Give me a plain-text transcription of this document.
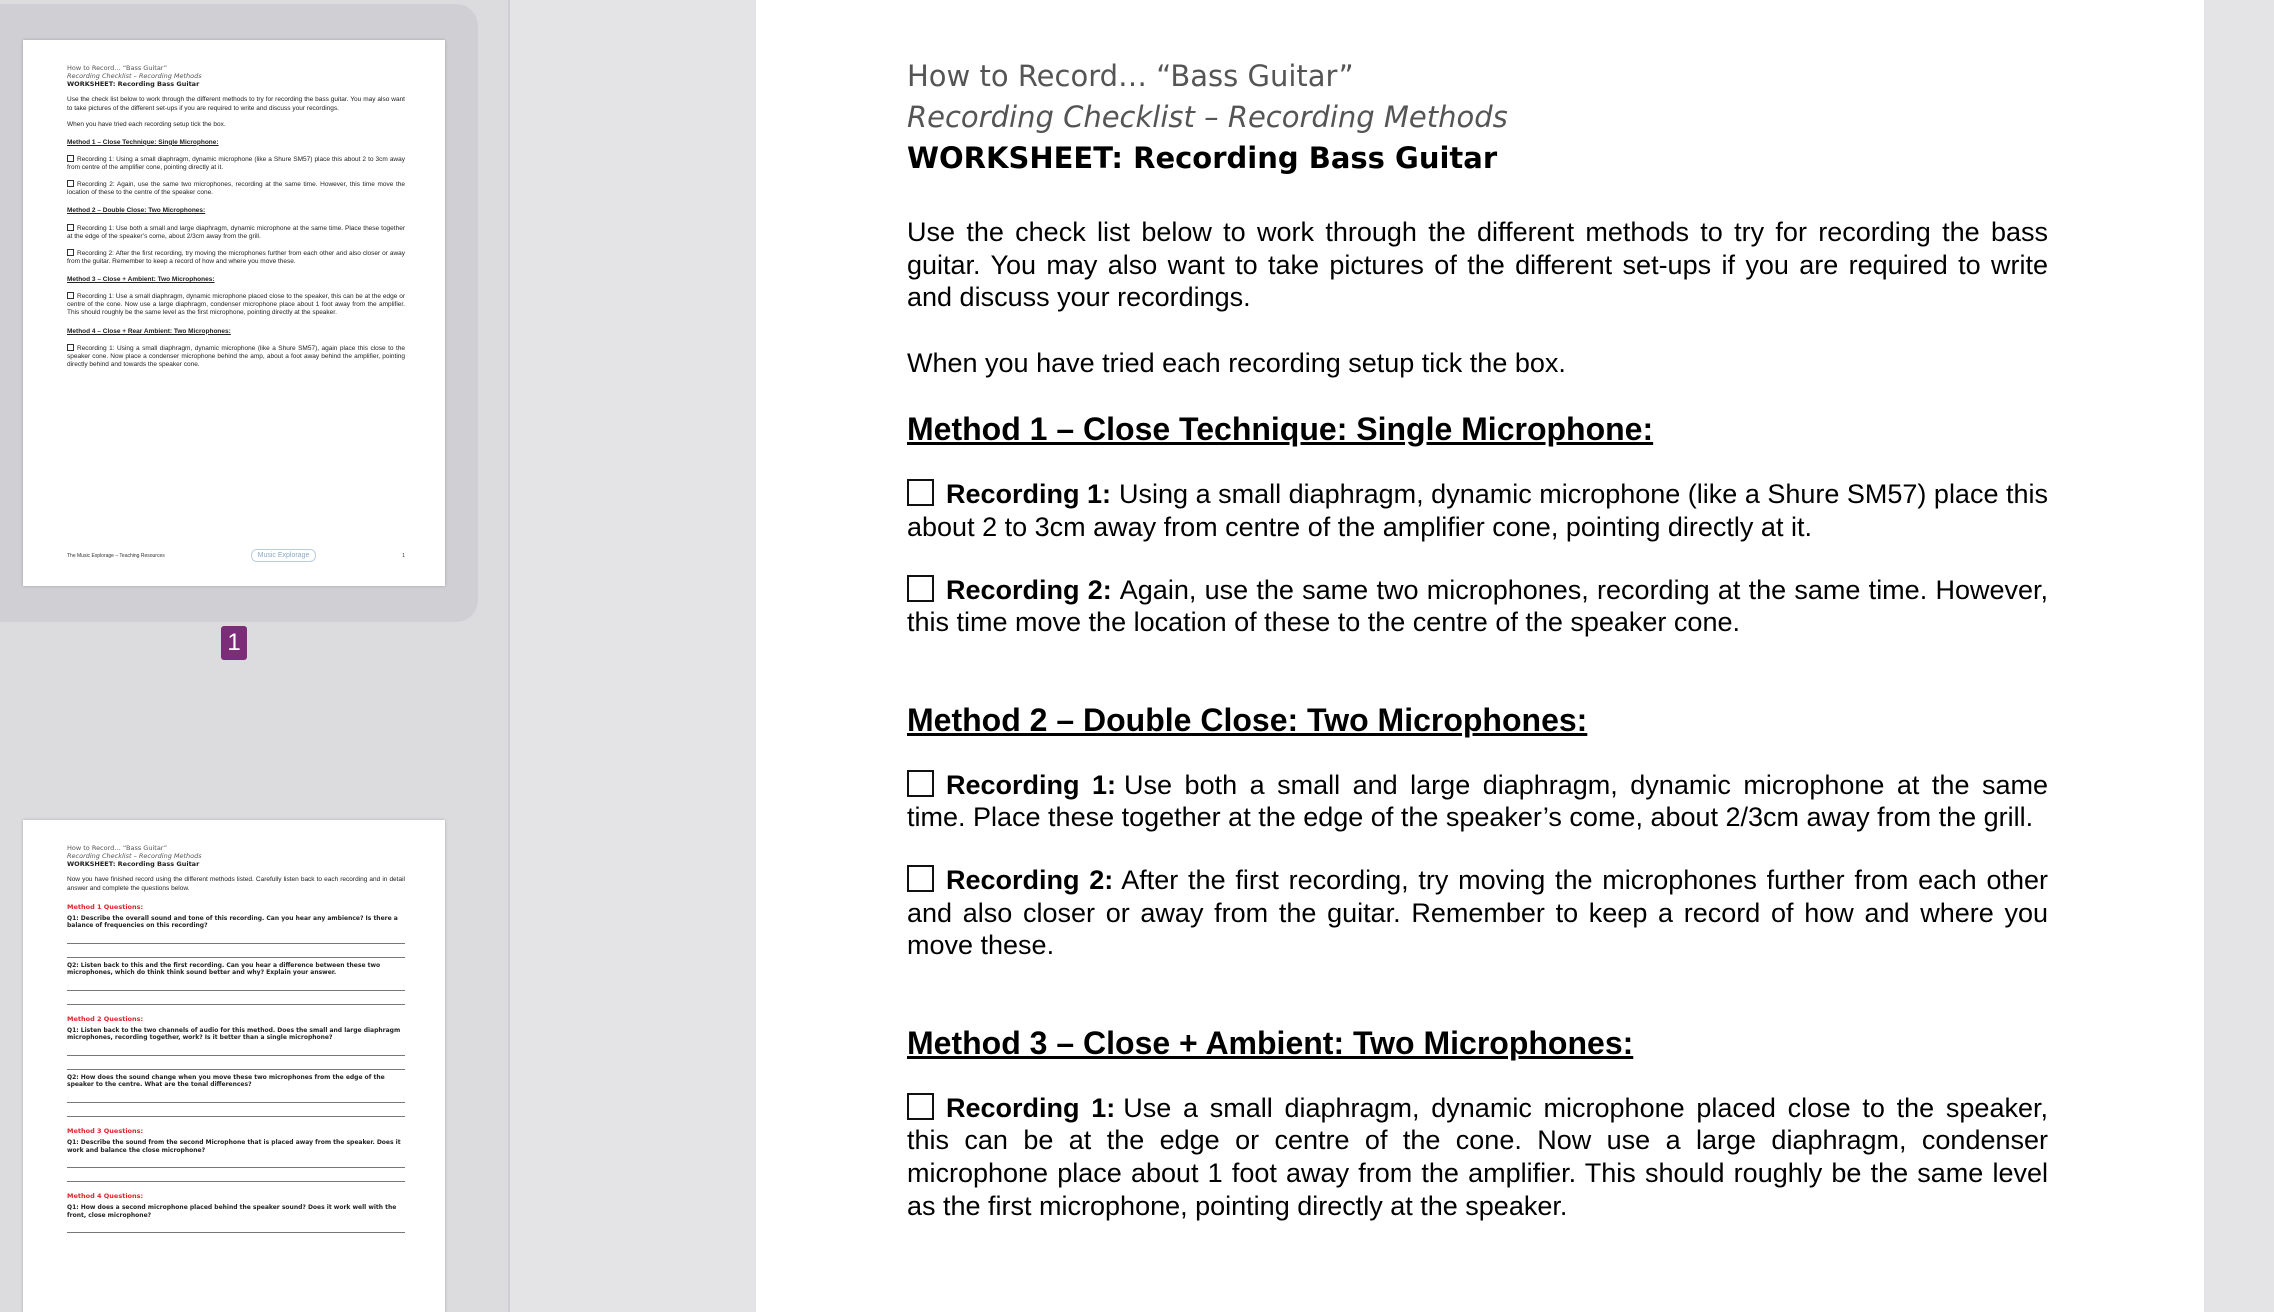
How to Record… “Bass Guitar”
Recording Checklist – Recording Methods
WORKSHEET: Recording Bass Guitar

Use the check list below to work through the different methods to try for recording the bass guitar. You may also want to take pictures of the different set-ups if you are required to write and discuss your recordings.

When you have tried each recording setup tick the box.

Method 1 – Close Technique: Single Microphone:

Recording 1: Using a small diaphragm, dynamic microphone (like a Shure SM57) place this about 2 to 3cm away from centre of the amplifier cone, pointing directly at it.

Recording 2: Again, use the same two microphones, recording at the same time. However, this time move the location of these to the centre of the speaker cone.

Method 2 – Double Close: Two Microphones:

Recording 1: Use both a small and large diaphragm, dynamic microphone at the same time. Place these together at the edge of the speaker’s come, about 2/3cm away from the grill.

Recording 2: After the first recording, try moving the microphones further from each other and also closer or away from the guitar. Remember to keep a record of how and where you move these.

Method 3 – Close + Ambient: Two Microphones:

Recording 1: Use a small diaphragm, dynamic microphone placed close to the speaker, this can be at the edge or centre of the cone. Now use a large diaphragm, condenser microphone place about 1 foot away from the amplifier. This should roughly be the same level as the first microphone, pointing directly at the speaker.

Method 4 – Close + Rear Ambient: Two Microphones:

Recording 1: Using a small diaphragm, dynamic microphone (like a Shure SM57), again place this close to the speaker cone. Now place a condenser microphone behind the amp, about a foot away behind the amplifier, pointing directly behind and towards the speaker cone.

The Music Explorage – Teaching Resources	Music Explorage	1
1
How to Record… “Bass Guitar”
Recording Checklist – Recording Methods
WORKSHEET: Recording Bass Guitar

Now you have finished record using the different methods listed. Carefully listen back to each recording and in detail answer and complete the questions below.

Method 1 Questions:
Q1: Describe the overall sound and tone of this recording. Can you hear any ambience? Is there a balance of frequencies on this recording?
Q2: Listen back to this and the first recording. Can you hear a difference between these two microphones, which do think think sound better and why? Explain your answer.
Method 2 Questions:
Q1: Listen back to the two channels of audio for this method. Does the small and large diaphragm microphones, recording together, work? Is it better than a single microphone?
Q2: How does the sound change when you move these two microphones from the edge of the speaker to the centre. What are the tonal differences?
Method 3 Questions:
Q1: Describe the sound from the second Microphone that is placed away from the speaker. Does it work and balance the close microphone?
Method 4 Questions:
Q1: How does a second microphone placed behind the speaker sound? Does it work well with the front, close microphone?
How to Record… “Bass Guitar”
Recording Checklist – Recording Methods
WORKSHEET: Recording Bass Guitar
Use the check list below to work through the different methods to try for recording the bass guitar. You may also want to take pictures of the different set-ups if you are required to write and discuss your recordings.
When you have tried each recording setup tick the box.
Method 1 – Close Technique: Single Microphone:
Recording 1: Using a small diaphragm, dynamic microphone (like a Shure SM57) place this about 2 to 3cm away from centre of the amplifier cone, pointing directly at it.
Recording 2: Again, use the same two microphones, recording at the same time. However, this time move the location of these to the centre of the speaker cone.
Method 2 – Double Close: Two Microphones:
Recording 1: Use both a small and large diaphragm, dynamic microphone at the same time. Place these together at the edge of the speaker’s come, about 2/3cm away from the grill.
Recording 2: After the first recording, try moving the microphones further from each other and also closer or away from the guitar. Remember to keep a record of how and where you move these.
Method 3 – Close + Ambient: Two Microphones:
Recording 1: Use a small diaphragm, dynamic microphone placed close to the speaker, this can be at the edge or centre of the cone. Now use a large diaphragm, condenser microphone place about 1 foot away from the amplifier. This should roughly be the same level as the first microphone, pointing directly at the speaker.
